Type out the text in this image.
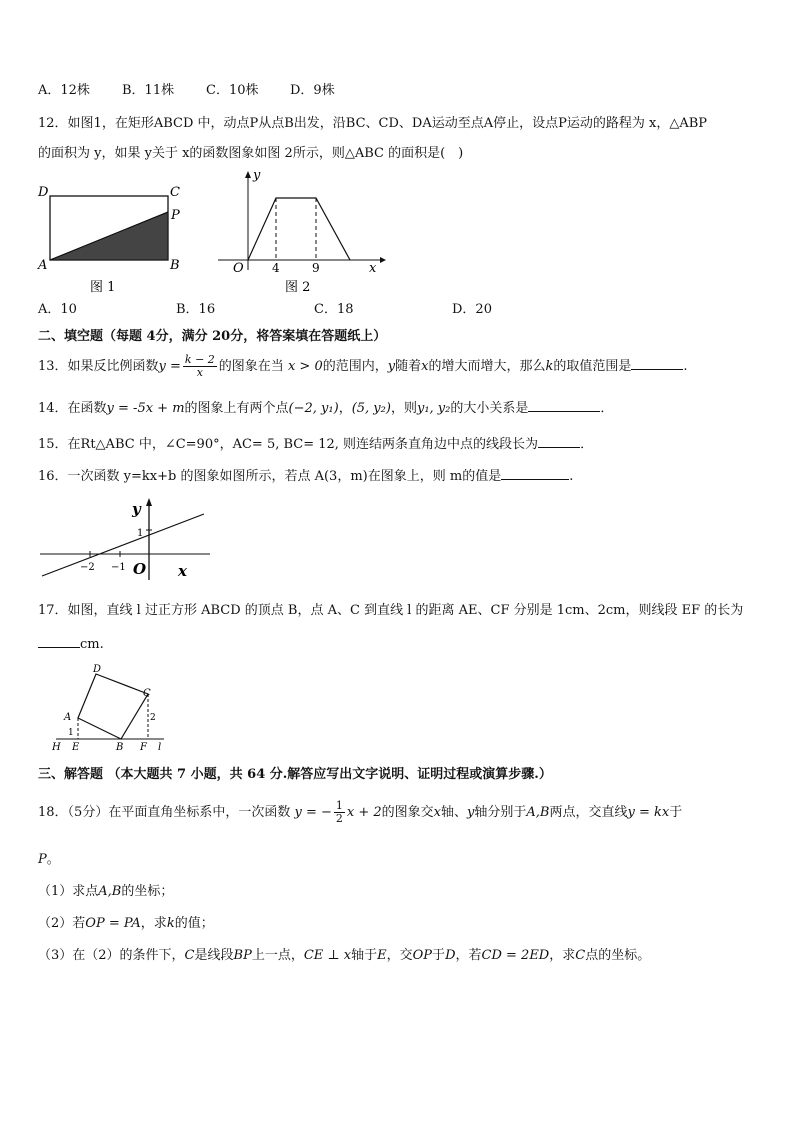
A．12株 B．11株 C．10株 D．9株
12．如图1，在矩形ABCD 中，动点P从点B出发，沿BC、CD、DA运动至点A停止，设点P运动的路程为 x，△ABP
的面积为 y，如果 y关于 x的函数图象如图 2所示，则△ABC 的面积是(　)
D	C
P
A	B
图 1
y
O 4	9	x
图 2
A．10	B．16	C．18	D．20
二、填空题（每题 4分，满分 20分，将答案填在答题纸上）
13．如果反比例函数$y = \frac{k - 2}{x}$ 的图象在当 x > 0的范围内，y随着x的增大而增大，那么k的取值范围是	.
14．在函数y = -5x + m的图象上有两个点(−2, y₁)，(5, y₂)，则y₁, y₂的大小关系是	．
15．在Rt△ABC 中，∠C=90°，AC= 5, BC= 12, 则连结两条直角边中点的线段长为	．
16．一次函数 y=kx+b 的图象如图所示，若点 A(3，m)在图象上，则 m的值是	.
y
1
−2 −1 O x
17．如图，直线 l 过正方形 ABCD 的顶点 B，点 A、C 到直线 l 的距离 AE、CF 分别是 1cm、2cm，则线段 EF 的长为
cm.
D
C
A
1
2
H E	B F l
三、解答题 （本大题共 7 小题，共 64 分.解答应写出文字说明、证明过程或演算步骤.）
18．（5分）在平面直角坐标系中，一次函数 y = − $\frac{1}{2}$ x + 2的图象交x轴、y轴分别于A,B两点，交直线y = kx于
P。
（1）求点A,B的坐标；
（2）若OP = PA，求k的值；
（3）在（2）的条件下，C是线段BP上一点，CE ⊥ x轴于E，交OP于D，若CD = 2ED，求C点的坐标。
